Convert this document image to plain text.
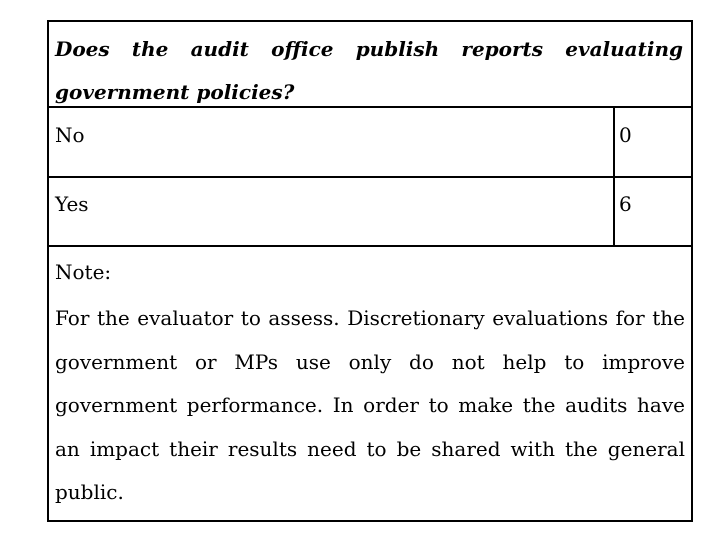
Does the audit office publish reports evaluating government policies?

No	0

Yes	6

Note:

For the evaluator to assess. Discretionary evaluations for the government or MPs use only do not help to improve government performance. In order to make the audits have an impact their results need to be shared with the general public.
